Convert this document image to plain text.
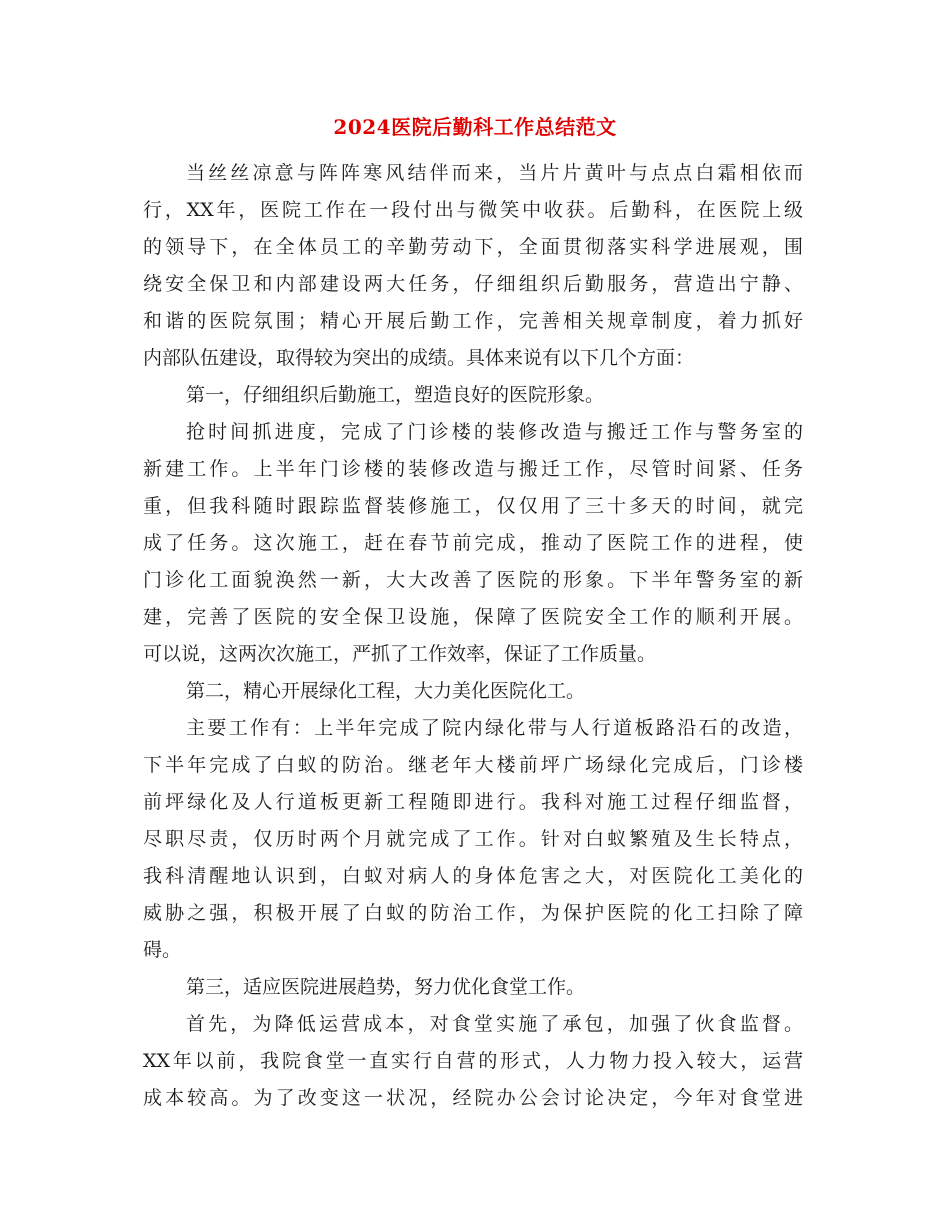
2024医院后勤科工作总结范文
当丝丝凉意与阵阵寒风结伴而来，当片片黄叶与点点白霜相依而
行，XX年，医院工作在一段付出与微笑中收获。后勤科，在医院上级
的领导下，在全体员工的辛勤劳动下，全面贯彻落实科学进展观，围
绕安全保卫和内部建设两大任务，仔细组织后勤服务，营造出宁静、
和谐的医院氛围；精心开展后勤工作，完善相关规章制度，着力抓好
内部队伍建设，取得较为突出的成绩。具体来说有以下几个方面：
第一，仔细组织后勤施工，塑造良好的医院形象。
抢时间抓进度，完成了门诊楼的装修改造与搬迁工作与警务室的
新建工作。上半年门诊楼的装修改造与搬迁工作，尽管时间紧、任务
重，但我科随时跟踪监督装修施工，仅仅用了三十多天的时间，就完
成了任务。这次施工，赶在春节前完成，推动了医院工作的进程，使
门诊化工面貌涣然一新，大大改善了医院的形象。下半年警务室的新
建，完善了医院的安全保卫设施，保障了医院安全工作的顺利开展。
可以说，这两次次施工，严抓了工作效率，保证了工作质量。
第二，精心开展绿化工程，大力美化医院化工。
主要工作有：上半年完成了院内绿化带与人行道板路沿石的改造，
下半年完成了白蚁的防治。继老年大楼前坪广场绿化完成后，门诊楼
前坪绿化及人行道板更新工程随即进行。我科对施工过程仔细监督，
尽职尽责，仅历时两个月就完成了工作。针对白蚁繁殖及生长特点，
我科清醒地认识到，白蚁对病人的身体危害之大，对医院化工美化的
威胁之强，积极开展了白蚁的防治工作，为保护医院的化工扫除了障
碍。
第三，适应医院进展趋势，努力优化食堂工作。
首先，为降低运营成本，对食堂实施了承包，加强了伙食监督。
XX年以前，我院食堂一直实行自营的形式，人力物力投入较大，运营
成本较高。为了改变这一状况，经院办公会讨论决定，今年对食堂进
